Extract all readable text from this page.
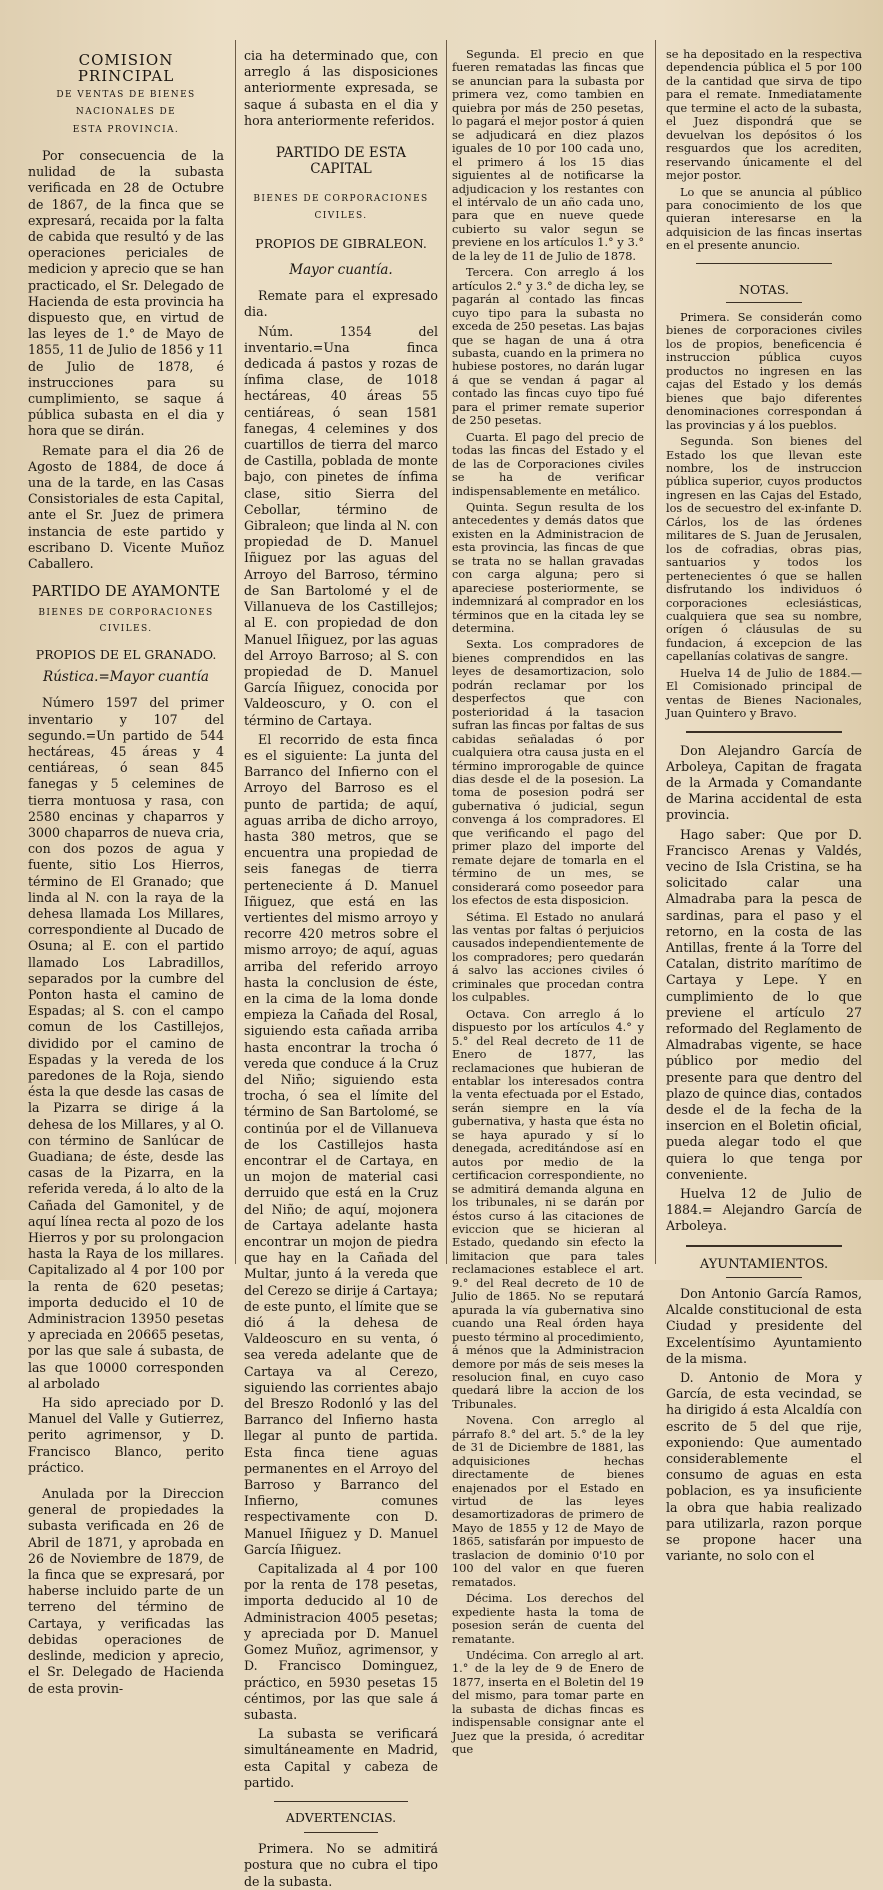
COMISION PRINCIPAL
DE VENTAS DE BIENES NACIONALES DE
ESTA PROVINCIA.

Por consecuencia de la nulidad de la subasta verificada en 28 de Octubre de 1867, de la finca que se expresará, recaida por la falta de cabida que resultó y de las operaciones periciales de medicion y aprecio que se han practicado, el Sr. Delegado de Hacienda de esta provincia ha dispuesto que, en virtud de las leyes de 1.° de Mayo de 1855, 11 de Julio de 1856 y 11 de Julio de 1878, é instrucciones para su cumplimiento, se saque á pública subasta en el dia y hora que se dirán.

Remate para el dia 26 de Agosto de 1884, de doce á una de la tarde, en las Casas Consistoriales de esta Capital, ante el Sr. Juez de primera instancia de este partido y escribano D. Vicente Muñoz Caballero.

PARTIDO DE AYAMONTE
BIENES DE CORPORACIONES CIVILES.
PROPIOS DE EL GRANADO.
Rústica.=Mayor cuantía

Número 1597 del primer inventario y 107 del segundo.=Un partido de 544 hectáreas, 45 áreas y 4 centiáreas, ó sean 845 fanegas y 5 celemines de tierra montuosa y rasa, con 2580 encinas y chaparros y 3000 chaparros de nueva cria, con dos pozos de agua y fuente, sitio Los Hierros, término de El Granado; que linda al N. con la raya de la dehesa llamada Los Millares, correspondiente al Ducado de Osuna; al E. con el partido llamado Los Labradillos, separados por la cumbre del Ponton hasta el camino de Espadas; al S. con el campo comun de los Castillejos, dividido por el camino de Espadas y la vereda de los paredones de la Roja, siendo ésta la que desde las casas de la Pizarra se dirige á la dehesa de los Millares, y al O. con término de Sanlúcar de Guadiana; de éste, desde las casas de la Pizarra, en la referida vereda, á lo alto de la Cañada del Gamonitel, y de aquí línea recta al pozo de los Hierros y por su prolongacion hasta la Raya de los millares. Capitalizado al 4 por 100 por la renta de 620 pesetas; importa deducido el 10 de Administracion 13950 pesetas y apreciada en 20665 pesetas, por las que sale á subasta, de las que 10000 corresponden al arbolado

Ha sido apreciado por D. Manuel del Valle y Gutierrez, perito agrimensor, y D. Francisco Blanco, perito práctico.

Anulada por la Direccion general de propiedades la subasta verificada en 26 de Abril de 1871, y aprobada en 26 de Noviembre de 1879, de la finca que se expresará, por haberse incluido parte de un terreno del término de Cartaya, y verificadas las debidas operaciones de deslinde, medicion y aprecio, el Sr. Delegado de Hacienda de esta provin-

cia ha determinado que, con arreglo á las disposiciones anteriormente expresada, se saque á subasta en el dia y hora anteriormente referidos.

PARTIDO DE ESTA CAPITAL
BIENES DE CORPORACIONES CIVILES.
PROPIOS DE GIBRALEON.
Mayor cuantía.

Remate para el expresado dia.

Núm. 1354 del inventario.=Una finca dedicada á pastos y rozas de ínfima clase, de 1018 hectáreas, 40 áreas 55 centiáreas, ó sean 1581 fanegas, 4 celemines y dos cuartillos de tierra del marco de Castilla, poblada de monte bajo, con pinetes de ínfima clase, sitio Sierra del Cebollar, término de Gibraleon; que linda al N. con propiedad de D. Manuel Iñiguez por las aguas del Arroyo del Barroso, término de San Bartolomé y el de Villanueva de los Castillejos; al E. con propiedad de don Manuel Iñiguez, por las aguas del Arroyo Barroso; al S. con propiedad de D. Manuel García Iñiguez, conocida por Valdeoscuro, y O. con el término de Cartaya.

El recorrido de esta finca es el siguiente: La junta del Barranco del Infierno con el Arroyo del Barroso es el punto de partida; de aquí, aguas arriba de dicho arroyo, hasta 380 metros, que se encuentra una propiedad de seis fanegas de tierra perteneciente á D. Manuel Iñiguez, que está en las vertientes del mismo arroyo y recorre 420 metros sobre el mismo arroyo; de aquí, aguas arriba del referido arroyo hasta la conclusion de éste, en la cima de la loma donde empieza la Cañada del Rosal, siguiendo esta cañada arriba hasta encontrar la trocha ó vereda que conduce á la Cruz del Niño; siguiendo esta trocha, ó sea el límite del término de San Bartolomé, se continúa por el de Villanueva de los Castillejos hasta encontrar el de Cartaya, en un mojon de material casi derruido que está en la Cruz del Niño; de aquí, mojonera de Cartaya adelante hasta encontrar un mojon de piedra que hay en la Cañada del Multar, junto á la vereda que del Cerezo se dirije á Cartaya; de este punto, el límite que se dió á la dehesa de Valdeoscuro en su venta, ó sea vereda adelante que de Cartaya va al Cerezo, siguiendo las corrientes abajo del Breszo Rodonló y las del Barranco del Infierno hasta llegar al punto de partida. Esta finca tiene aguas permanentes en el Arroyo del Barroso y Barranco del Infierno, comunes respectivamente con D. Manuel Iñiguez y D. Manuel García Iñiguez.

Capitalizada al 4 por 100 por la renta de 178 pesetas, importa deducido al 10 de Administracion 4005 pesetas; y apreciada por D. Manuel Gomez Muñoz, agrimensor, y D. Francisco Dominguez, práctico, en 5930 pesetas 15 céntimos, por las que sale á subasta.

La subasta se verificará simultáneamente en Madrid, esta Capital y cabeza de partido.

ADVERTENCIAS.

Primera. No se admitirá postura que no cubra el tipo de la subasta.

Segunda. El precio en que fueren rematadas las fincas que se anuncian para la subasta por primera vez, como tambien en quiebra por más de 250 pesetas, lo pagará el mejor postor á quien se adjudicará en diez plazos iguales de 10 por 100 cada uno, el primero á los 15 dias siguientes al de notificarse la adjudicacion y los restantes con el intérvalo de un año cada uno, para que en nueve quede cubierto su valor segun se previene en los artículos 1.° y 3.° de la ley de 11 de Julio de 1878.

Tercera. Con arreglo á los artículos 2.° y 3.° de dicha ley, se pagarán al contado las fincas cuyo tipo para la subasta no exceda de 250 pesetas. Las bajas que se hagan de una á otra subasta, cuando en la primera no hubiese postores, no darán lugar á que se vendan á pagar al contado las fincas cuyo tipo fué para el primer remate superior de 250 pesetas.

Cuarta. El pago del precio de todas las fincas del Estado y el de las de Corporaciones civiles se ha de verificar indispensablemente en metálico.

Quinta. Segun resulta de los antecedentes y demás datos que existen en la Administracion de esta provincia, las fincas de que se trata no se hallan gravadas con carga alguna; pero si apareciese posteriormente, se indemnizará al comprador en los términos que en la citada ley se determina.

Sexta. Los compradores de bienes comprendidos en las leyes de desamortizacion, solo podrán reclamar por los desperfectos que con posterioridad á la tasacion sufran las fincas por faltas de sus cabidas señaladas ó por cualquiera otra causa justa en el término improrogable de quince dias desde el de la posesion. La toma de posesion podrá ser gubernativa ó judicial, segun convenga á los compradores. El que verificando el pago del primer plazo del importe del remate dejare de tomarla en el término de un mes, se considerará como poseedor para los efectos de esta disposicion.

Sétima. El Estado no anulará las ventas por faltas ó perjuicios causados independientemente de los compradores; pero quedarán á salvo las acciones civiles ó criminales que procedan contra los culpables.

Octava. Con arreglo á lo dispuesto por los artículos 4.° y 5.° del Real decreto de 11 de Enero de 1877, las reclamaciones que hubieran de entablar los interesados contra la venta efectuada por el Estado, serán siempre en la vía gubernativa, y hasta que ésta no se haya apurado y sí lo denegada, acreditándose así en autos por medio de la certificacion correspondiente, no se admitirá demanda alguna en los tribunales, ni se darán por éstos curso á las citaciones de eviccion que se hicieran al Estado, quedando sin efecto la limitacion que para tales reclamaciones establece el art. 9.° del Real decreto de 10 de Julio de 1865. No se reputará apurada la vía gubernativa sino cuando una Real órden haya puesto término al procedimiento, á ménos que la Administracion demore por más de seis meses la resolucion final, en cuyo caso quedará libre la accion de los Tribunales.

Novena. Con arreglo al párrafo 8.° del art. 5.° de la ley de 31 de Diciembre de 1881, las adquisiciones hechas directamente de bienes enajenados por el Estado en virtud de las leyes desamortizadoras de primero de Mayo de 1855 y 12 de Mayo de 1865, satisfarán por impuesto de traslacion de dominio 0'10 por 100 del valor en que fueren rematados.

Décima. Los derechos del expediente hasta la toma de posesion serán de cuenta del rematante.

Undécima. Con arreglo al art. 1.° de la ley de 9 de Enero de 1877, inserta en el Boletin del 19 del mismo, para tomar parte en la subasta de dichas fincas es indispensable consignar ante el Juez que la presida, ó acreditar que

se ha depositado en la respectiva dependencia pública el 5 por 100 de la cantidad que sirva de tipo para el remate. Inmediatamente que termine el acto de la subasta, el Juez dispondrá que se devuelvan los depósitos ó los resguardos que los acrediten, reservando únicamente el del mejor postor.

Lo que se anuncia al público para conocimiento de los que quieran interesarse en la adquisicion de las fincas insertas en el presente anuncio.

NOTAS.

Primera. Se considerán como bienes de corporaciones civiles los de propios, beneficencia é instruccion pública cuyos productos no ingresen en las cajas del Estado y los demás bienes que bajo diferentes denominaciones correspondan á las provincias y á los pueblos.

Segunda. Son bienes del Estado los que llevan este nombre, los de instruccion pública superior, cuyos productos ingresen en las Cajas del Estado, los de secuestro del ex-infante D. Cárlos, los de las órdenes militares de S. Juan de Jerusalen, los de cofradias, obras pias, santuarios y todos los pertenecientes ó que se hallen disfrutando los individuos ó corporaciones eclesiásticas, cualquiera que sea su nombre, orígen ó cláusulas de su fundacion, á excepcion de las capellanías colativas de sangre.

Huelva 14 de Julio de 1884.—El Comisionado principal de ventas de Bienes Nacionales, Juan Quintero y Bravo.

Don Alejandro García de Arboleya, Capitan de fragata de la Armada y Comandante de Marina accidental de esta provincia.

Hago saber: Que por D. Francisco Arenas y Valdés, vecino de Isla Cristina, se ha solicitado calar una Almadraba para la pesca de sardinas, para el paso y el retorno, en la costa de las Antillas, frente á la Torre del Catalan, distrito marítimo de Cartaya y Lepe. Y en cumplimiento de lo que previene el artículo 27 reformado del Reglamento de Almadrabas vigente, se hace público por medio del presente para que dentro del plazo de quince dias, contados desde el de la fecha de la insercion en el Boletin oficial, pueda alegar todo el que quiera lo que tenga por conveniente.

Huelva 12 de Julio de 1884.= Alejandro García de Arboleya.

AYUNTAMIENTOS.

Don Antonio García Ramos, Alcalde constitucional de esta Ciudad y presidente del Excelentísimo Ayuntamiento de la misma.

D. Antonio de Mora y García, de esta vecindad, se ha dirigido á esta Alcaldía con escrito de 5 del que rije, exponiendo: Que aumentado considerablemente el consumo de aguas en esta poblacion, es ya insuficiente la obra que habia realizado para utilizarla, razon porque se propone hacer una variante, no solo con el
